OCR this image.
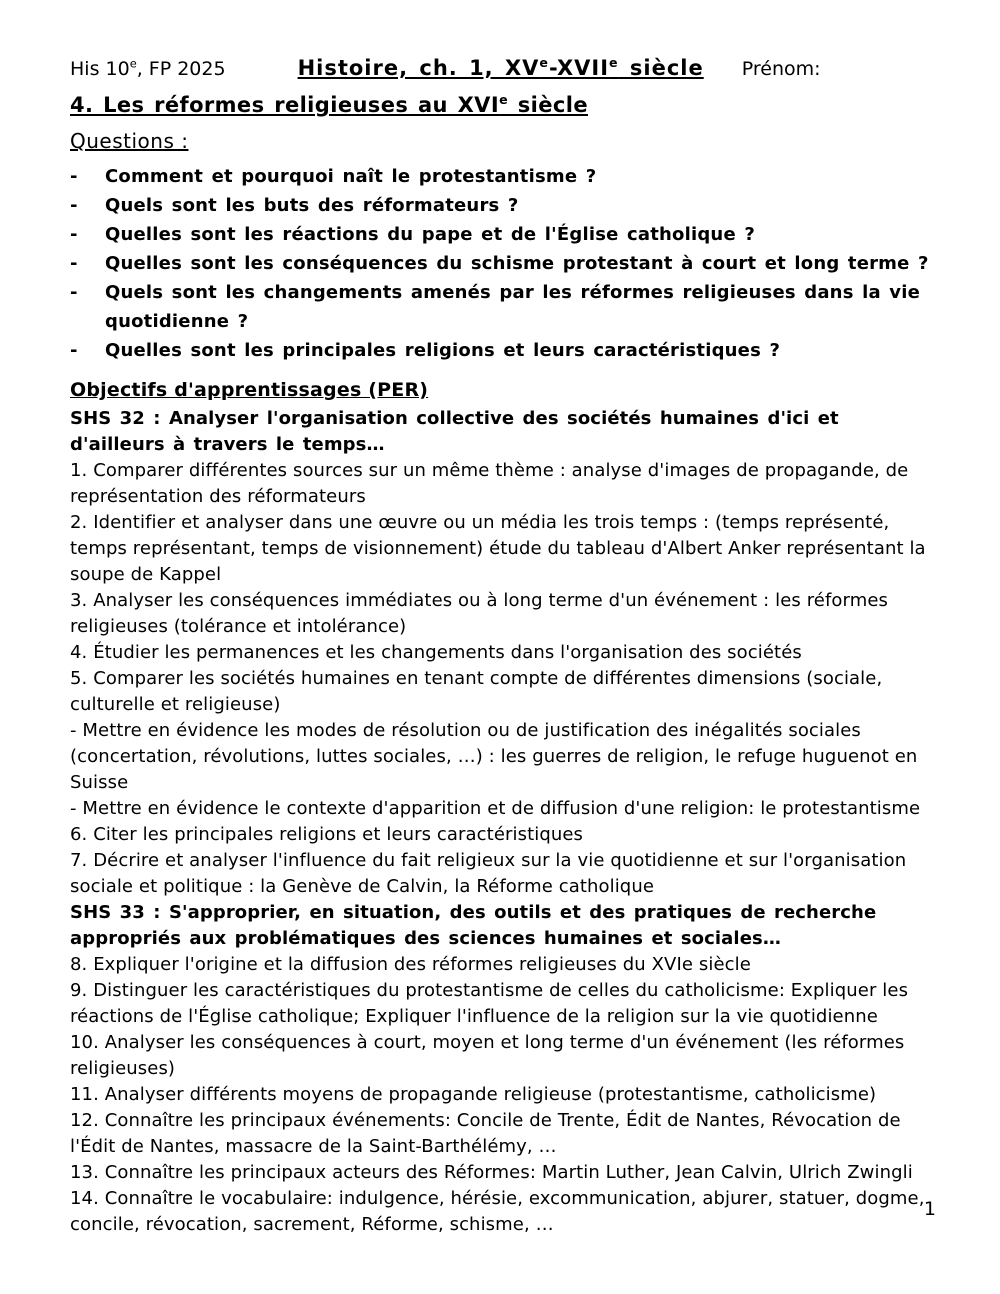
His 10e, FP 2025	Histoire, ch. 1, XVe-XVIIe siècle Prénom:
4. Les réformes religieuses au XVIe siècle
Questions :
-	Comment et pourquoi naît le protestantisme ?
-	Quels sont les buts des réformateurs ?
-	Quelles sont les réactions du pape et de l'Église catholique ?
-	Quelles sont les conséquences du schisme protestant à court et long terme ?
-	Quels sont les changements amenés par les réformes religieuses dans la vie quotidienne ?
-	Quelles sont les principales religions et leurs caractéristiques ?
Objectifs d'apprentissages (PER)

SHS 32 : Analyser l'organisation collective des sociétés humaines d'ici et d'ailleurs à travers le temps…

1. Comparer différentes sources sur un même thème : analyse d'images de propagande, de représentation des réformateurs

2. Identifier et analyser dans une œuvre ou un média les trois temps : (temps représenté, temps représentant, temps de visionnement) étude du tableau d'Albert Anker représentant la soupe de Kappel

3. Analyser les conséquences immédiates ou à long terme d'un événement : les réformes religieuses (tolérance et intolérance)

4. Étudier les permanences et les changements dans l'organisation des sociétés

5. Comparer les sociétés humaines en tenant compte de différentes dimensions (sociale, culturelle et religieuse)

- Mettre en évidence les modes de résolution ou de justification des inégalités sociales (concertation, révolutions, luttes sociales, …) : les guerres de religion, le refuge huguenot en Suisse

- Mettre en évidence le contexte d'apparition et de diffusion d'une religion: le protestantisme

6. Citer les principales religions et leurs caractéristiques

7. Décrire et analyser l'influence du fait religieux sur la vie quotidienne et sur l'organisation sociale et politique : la Genève de Calvin, la Réforme catholique

SHS 33 : S'approprier, en situation, des outils et des pratiques de recherche appropriés aux problématiques des sciences humaines et sociales…

8. Expliquer l'origine et la diffusion des réformes religieuses du XVIe siècle

9. Distinguer les caractéristiques du protestantisme de celles du catholicisme: Expliquer les réactions de l'Église catholique; Expliquer l'influence de la religion sur la vie quotidienne

10. Analyser les conséquences à court, moyen et long terme d'un événement (les réformes religieuses)

11. Analyser différents moyens de propagande religieuse (protestantisme, catholicisme)

12. Connaître les principaux événements: Concile de Trente, Édit de Nantes, Révocation de l'Édit de Nantes, massacre de la Saint-Barthélémy, …

13. Connaître les principaux acteurs des Réformes: Martin Luther, Jean Calvin, Ulrich Zwingli

14. Connaître le vocabulaire: indulgence, hérésie, excommunication, abjurer, statuer, dogme, concile, révocation, sacrement, Réforme, schisme, …

1
